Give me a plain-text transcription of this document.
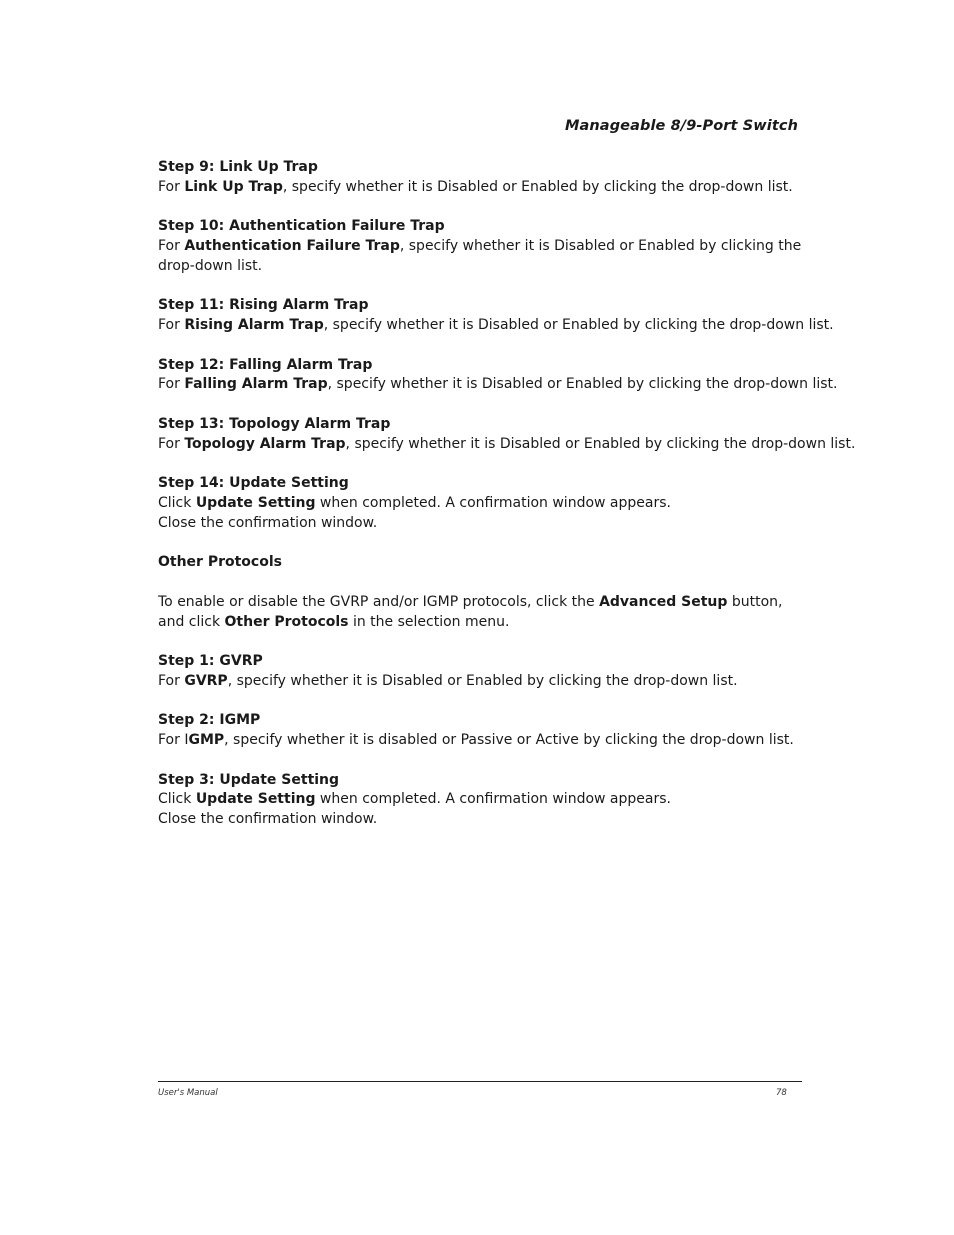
Manageable 8/9-Port Switch
Step 9: Link Up Trap
For Link Up Trap, specify whether it is Disabled or Enabled by clicking the drop-down list.
Step 10: Authentication Failure Trap
For Authentication Failure Trap, specify whether it is Disabled or Enabled by clicking the
drop-down list.
Step 11: Rising Alarm Trap
For Rising Alarm Trap, specify whether it is Disabled or Enabled by clicking the drop-down list.
Step 12: Falling Alarm Trap
For Falling Alarm Trap, specify whether it is Disabled or Enabled by clicking the drop-down list.
Step 13: Topology Alarm Trap
For Topology Alarm Trap, specify whether it is Disabled or Enabled by clicking the drop-down list.
Step 14: Update Setting
Click Update Setting when completed. A confirmation window appears.
Close the confirmation window.
Other Protocols
To enable or disable the GVRP and/or IGMP protocols, click the Advanced Setup button,
and click Other Protocols in the selection menu.
Step 1: GVRP
For GVRP, specify whether it is Disabled or Enabled by clicking the drop-down list.
Step 2: IGMP
For IGMP, specify whether it is disabled or Passive or Active by clicking the drop-down list.
Step 3: Update Setting
Click Update Setting when completed. A confirmation window appears.
Close the confirmation window.
User's Manual	78
